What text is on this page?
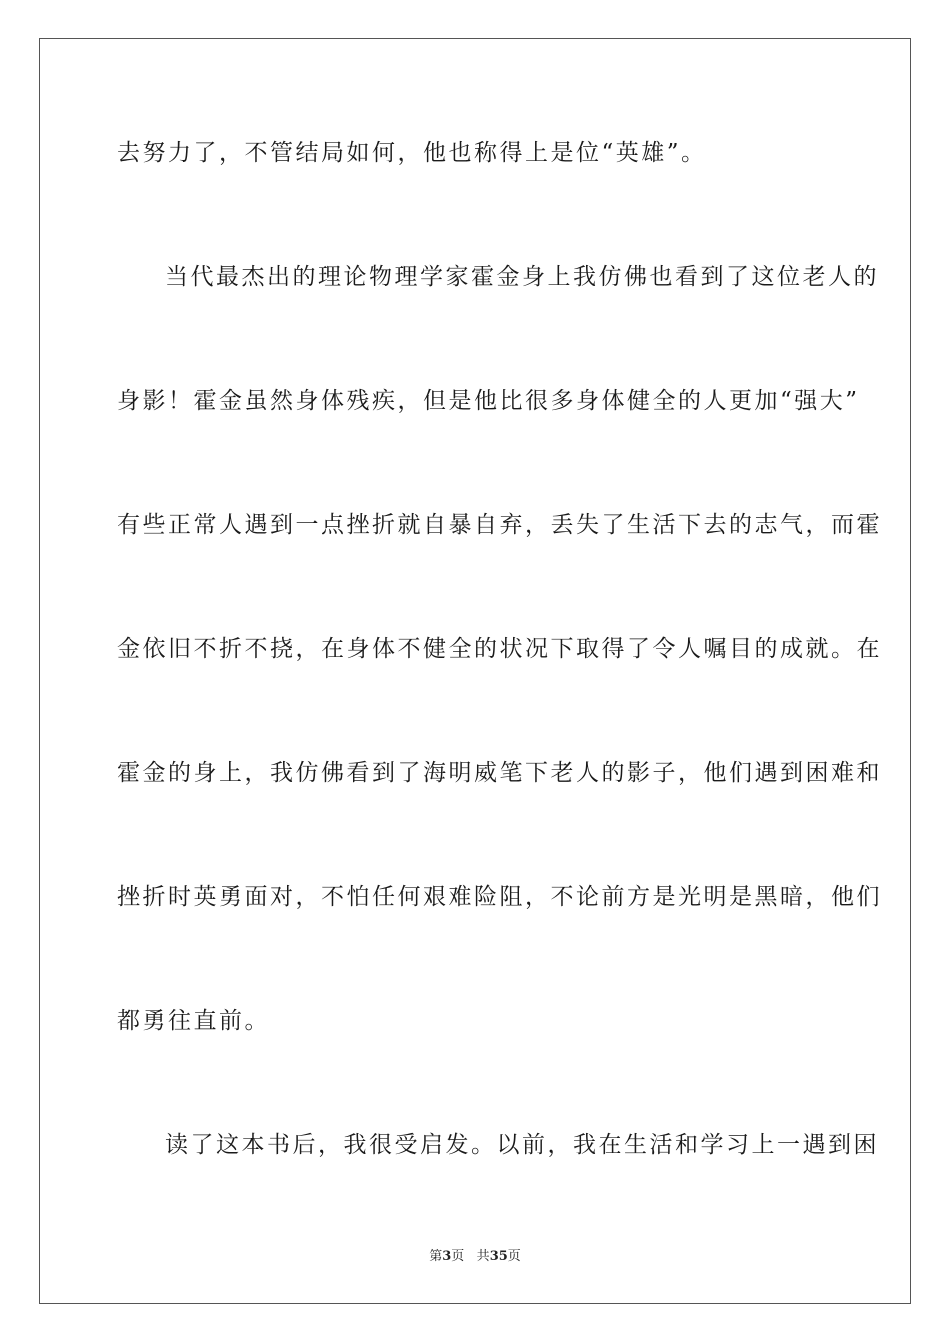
去努力了，不管结局如何，他也称得上是位“英雄”。
当代最杰出的理论物理学家霍金身上我仿佛也看到了这位老人的
身影！霍金虽然身体残疾，但是他比很多身体健全的人更加“强大”
有些正常人遇到一点挫折就自暴自弃，丢失了生活下去的志气，而霍
金依旧不折不挠，在身体不健全的状况下取得了令人嘱目的成就。在
霍金的身上，我仿佛看到了海明威笔下老人的影子，他们遇到困难和
挫折时英勇面对，不怕任何艰难险阻，不论前方是光明是黑暗，他们
都勇往直前。
读了这本书后，我很受启发。以前，我在生活和学习上一遇到困
第3页 共35页
